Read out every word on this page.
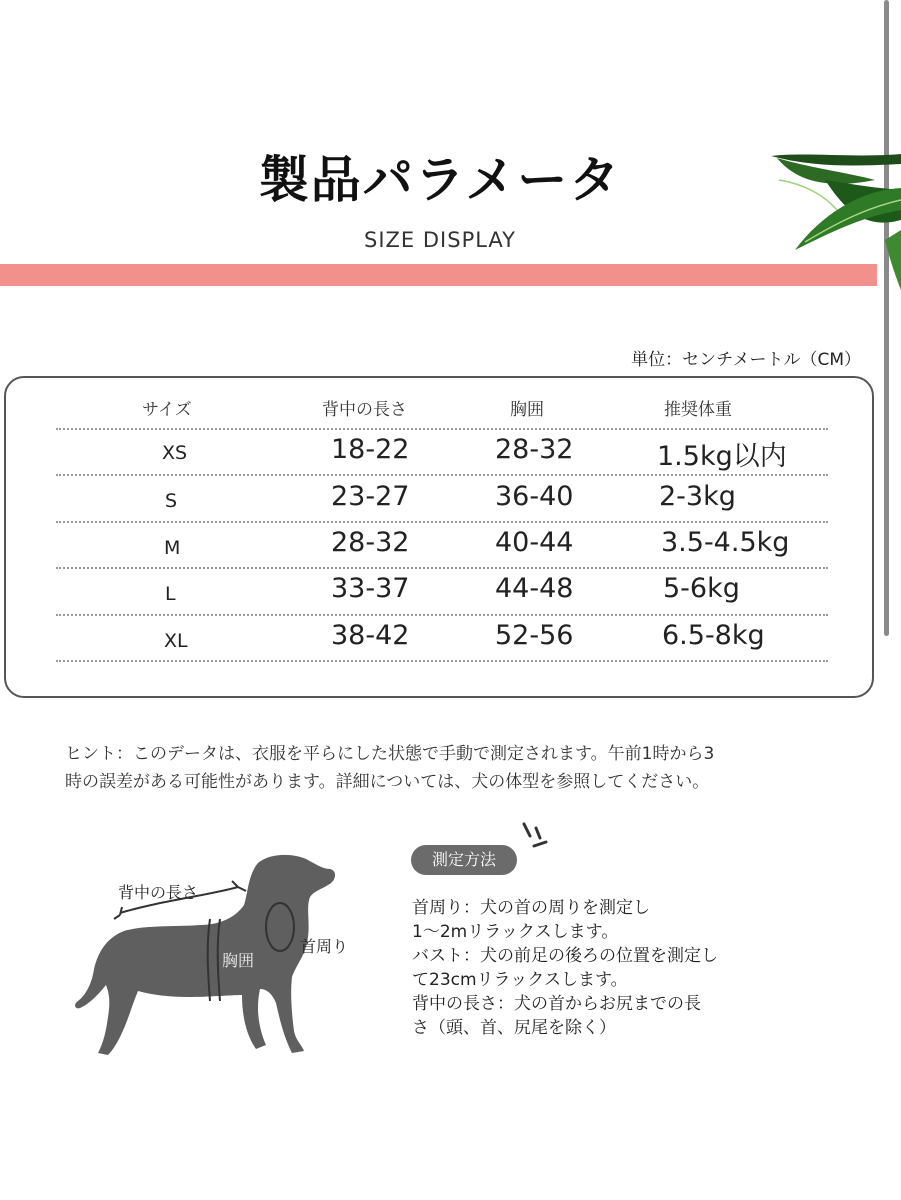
製品パラメータ
SIZE DISPLAY
単位：センチメートル（CM）
サイズ	背中の長さ	胸囲	推奨体重
XS	18-22	28-32	1.5kg以内
S	23-27	36-40	2-3kg
M	28-32	40-44	3.5-4.5kg
L	33-37	44-48	5-6kg
XL	38-42	52-56	6.5-8kg
ヒント：このデータは、衣服を平らにした状態で手動で測定されます。午前1時から3
時の誤差がある可能性があります。詳細については、犬の体型を参照してください。
背中の長さ
胸囲
首周り
測定方法
首周り：犬の首の周りを測定し
1～2mリラックスします。
バスト：犬の前足の後ろの位置を測定し
て23cmリラックスします。
背中の長さ：犬の首からお尻までの長
さ（頭、首、尻尾を除く）
